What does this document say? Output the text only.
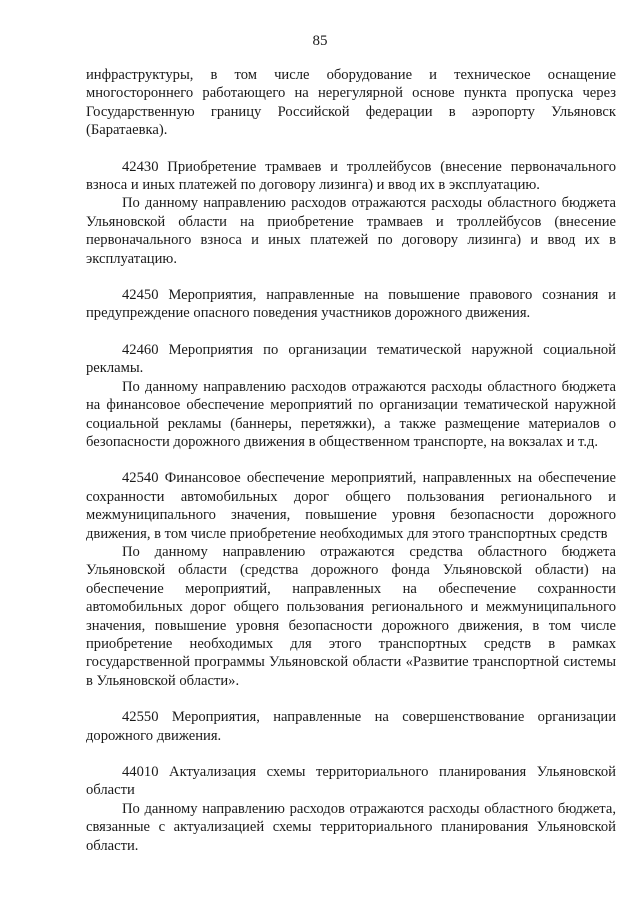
85

инфраструктуры, в том числе оборудование и техническое оснащение многостороннего работающего на нерегулярной основе пункта пропуска через Государственную границу Российской федерации в аэропорту Ульяновск (Баратаевка).

42430 Приобретение трамваев и троллейбусов (внесение первоначального взноса и иных платежей по договору лизинга) и ввод их в эксплуатацию.

По данному направлению расходов отражаются расходы областного бюджета Ульяновской области на приобретение трамваев и троллейбусов (внесение первоначального взноса и иных платежей по договору лизинга) и ввод их в эксплуатацию.

42450 Мероприятия, направленные на повышение правового сознания и предупреждение опасного поведения участников дорожного движения.

42460 Мероприятия по организации тематической наружной социальной рекламы.

По данному направлению расходов отражаются расходы областного бюджета на финансовое обеспечение мероприятий по организации тематической наружной социальной рекламы (баннеры, перетяжки), а также размещение материалов о безопасности дорожного движения в общественном транспорте, на вокзалах и т.д.

42540 Финансовое обеспечение мероприятий, направленных на обеспечение сохранности автомобильных дорог общего пользования регионального и межмуниципального значения, повышение уровня безопасности дорожного движения, в том числе приобретение необходимых для этого транспортных средств

По данному направлению отражаются средства областного бюджета Ульяновской области (средства дорожного фонда Ульяновской области) на обеспечение мероприятий, направленных на обеспечение сохранности автомобильных дорог общего пользования регионального и межмуниципального значения, повышение уровня безопасности дорожного движения, в том числе приобретение необходимых для этого транспортных средств в рамках государственной программы Ульяновской области «Развитие транспортной системы в Ульяновской области».

42550 Мероприятия, направленные на совершенствование организации дорожного движения.

44010 Актуализация схемы территориального планирования Ульяновской области

По данному направлению расходов отражаются расходы областного бюджета, связанные с актуализацией схемы территориального планирования Ульяновской области.
